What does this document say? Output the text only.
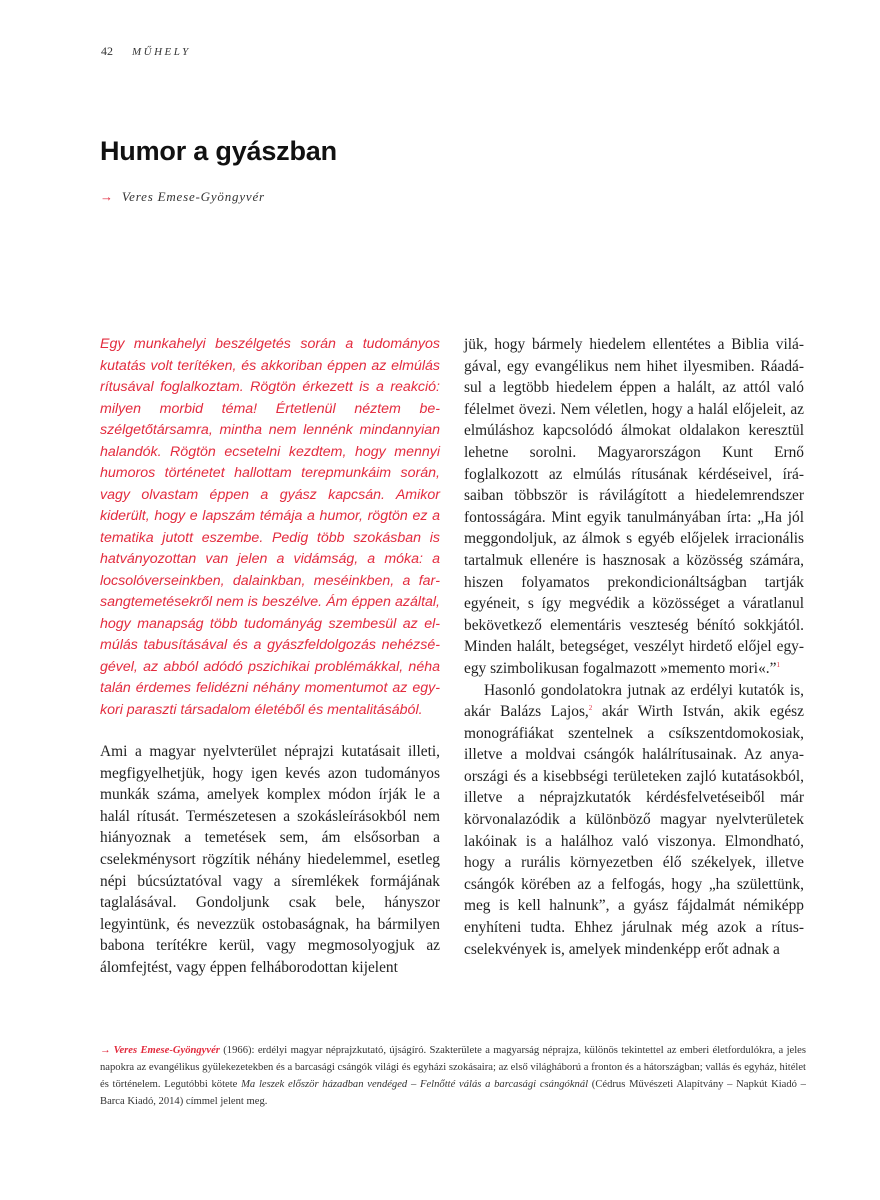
42 MŰHELY
Humor a gyászban
→ Veres Emese-Gyöngyvér

Egy munkahelyi beszélgetés során a tudományos kutatás volt terítéken, és akkoriban éppen az elmúlás rítusával foglalkoztam. Rögtön érkezett is a reakció: milyen morbid téma! Értetlenül néztem beszélgetőtársamra, mintha nem lennénk mindannyian halandók. Rögtön ecsetelni kezdtem, hogy mennyi humoros történetet hallottam terepmunkáim során, vagy olvastam éppen a gyász kapcsán. Amikor kiderült, hogy e lapszám témája a humor, rögtön ez a tematika jutott eszembe. Pedig több szokásban is hatványozottan van jelen a vidámság, a móka: a locsolóverseinkben, dalainkban, meséinkben, a farsangtemetésekről nem is beszélve. Ám éppen azáltal, hogy manapság több tudományág szembesül az elmúlás tabusításával és a gyászfeldolgozás nehézségével, az abból adódó pszichikai problémákkal, néha talán érdemes felidézni néhány momentumot az egykori paraszti társadalom életéből és mentalitásából.

Ami a magyar nyelvterület néprajzi kutatásait illeti, megfigyelhetjük, hogy igen kevés azon tudományos munkák száma, amelyek komplex módon írják le a halál rítusát. Természetesen a szokásleírásokból nem hiányoznak a temetések sem, ám elsősorban a cselekménysort rögzítik néhány hiedelemmel, esetleg népi búcsúztatóval vagy a síremlékek formájának taglalásával. Gondoljunk csak bele, hányszor legyintünk, és nevezzük ostobaságnak, ha bármilyen babona terítékre kerül, vagy megmosolyogjuk az álomfejtést, vagy éppen felháborodottan kijelent

jük, hogy bármely hiedelem ellentétes a Biblia világával, egy evangélikus nem hihet ilyesmiben. Ráadásul a legtöbb hiedelem éppen a halált, az attól való félelmet övezi. Nem véletlen, hogy a halál előjeleit, az elmúláshoz kapcsolódó álmokat oldalakon keresztül lehetne sorolni. Magyarországon Kunt Ernő foglalkozott az elmúlás rítusának kérdéseivel, írásaiban többször is rávilágított a hiedelemrendszer fontosságára. Mint egyik tanulmányában írta: „Ha jól meggondoljuk, az álmok s egyéb előjelek irracionális tartalmuk ellenére is hasznosak a közösség számára, hiszen folyamatos prekondicionáltságban tartják egyéneit, s így megvédik a közösséget a váratlanul bekövetkező elementáris veszteség bénító sokkjától. Minden halált, betegséget, veszélyt hirdető előjel egy-egy szimbolikusan fogalmazott »memento mori«.”$^1$

Hasonló gondolatokra jutnak az erdélyi kutatók is, akár Balázs Lajos,$^2$ akár Wirth István, akik egész monográfiákat szentelnek a csíkszentdomokosiak, illetve a moldvai csángók halálrítusainak. Az anyaországi és a kisebbségi területeken zajló kutatásokból, illetve a néprajzkutatók kérdésfelvetéseiből már körvonalazódik a különböző magyar nyelvterületek lakóinak is a halálhoz való viszonya. Elmondható, hogy a rurális környezetben élő székelyek, illetve csángók körében az a felfogás, hogy „ha születtünk, meg is kell halnunk”, a gyász fájdalmát némiképp enyhíteni tudta. Ehhez járulnak még azok a rítuscselekvények is, amelyek mindenképp erőt adnak a

→ Veres Emese-Gyöngyvér (1966): erdélyi magyar néprajzkutató, újságíró. Szakterülete a magyarság néprajza, különös tekintettel az emberi életfordulókra, a jeles napokra az evangélikus gyülekezetekben és a barcasági csángók világi és egyházi szokásaira; az első világháború a fronton és a hátországban; vallás és egyház, hitélet és történelem. Legutóbbi kötete Ma leszek először házadban vendéged – Felnőtté válás a barcasági csángóknál (Cédrus Művészeti Alapítvány – Napkút Kiadó – Barca Kiadó, 2014) címmel jelent meg.
